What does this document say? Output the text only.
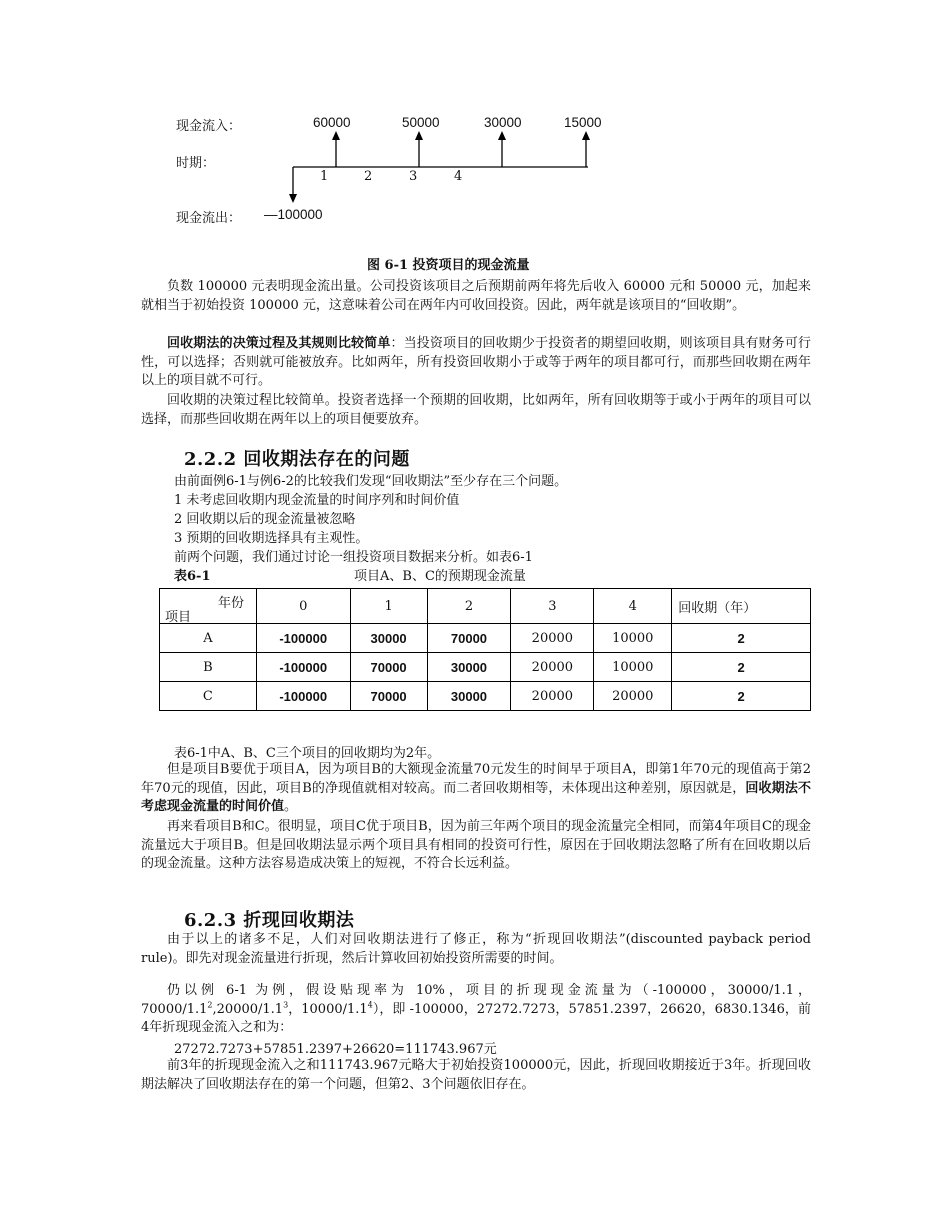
现金流入：
时期：
现金流出：
60000	50000	30000	15000
1	2	3	4
—100000
图 6-1 投资项目的现金流量
负数 100000 元表明现金流出量。公司投资该项目之后预期前两年将先后收入 60000 元和 50000 元，加起来就相当于初始投资 100000 元，这意味着公司在两年内可收回投资。因此，两年就是该项目的“回收期”。
回收期法的决策过程及其规则比较简单：当投资项目的回收期少于投资者的期望回收期，则该项目具有财务可行性，可以选择；否则就可能被放弃。比如两年，所有投资回收期小于或等于两年的项目都可行，而那些回收期在两年以上的项目就不可行。
回收期的决策过程比较简单。投资者选择一个预期的回收期，比如两年，所有回收期等于或小于两年的项目可以选择，而那些回收期在两年以上的项目便要放弃。
2.2.2 回收期法存在的问题
由前面例6-1与例6-2的比较我们发现“回收期法”至少存在三个问题。
1 未考虑回收期内现金流量的时间序列和时间价值
2 回收期以后的现金流量被忽略
3 预期的回收期选择具有主观性。
前两个问题，我们通过讨论一组投资项目数据来分析。如表6-1
表6-1	项目A、B、C的预期现金流量
年份
项目	0	1	2	3	4	回收期（年）
A	-100000	30000	70000	20000	10000	2
B	-100000	70000	30000	20000	10000	2
C	-100000	70000	30000	20000	20000	2
表6-1中A、B、C三个项目的回收期均为2年。
但是项目B要优于项目A，因为项目B的大额现金流量70元发生的时间早于项目A，即第1年70元的现值高于第2年70元的现值，因此，项目B的净现值就相对较高。而二者回收期相等，未体现出这种差别，原因就是，回收期法不考虑现金流量的时间价值。
再来看项目B和C。很明显，项目C优于项目B，因为前三年两个项目的现金流量完全相同，而第4年项目C的现金流量远大于项目B。但是回收期法显示两个项目具有相同的投资可行性，原因在于回收期法忽略了所有在回收期以后的现金流量。这种方法容易造成决策上的短视，不符合长远利益。
6.2.3 折现回收期法
由于以上的诸多不足，人们对回收期法进行了修正，称为“折现回收期法”(discounted payback period rule)。即先对现金流量进行折现，然后计算收回初始投资所需要的时间。
仍以例 6-1 为例，假设贴现率为 10%，项目的折现现金流量为（-100000，30000/1.1，$70000/1.1^2,20000/1.1^3$，$10000/1.1^4$），即 -100000，27272.7273，57851.2397，26620，6830.1346，前4年折现现金流入之和为：
27272.7273+57851.2397+26620=111743.967元
前3年的折现现金流入之和111743.967元略大于初始投资100000元，因此，折现回收期接近于3年。折现回收期法解决了回收期法存在的第一个问题，但第2、3个问题依旧存在。
